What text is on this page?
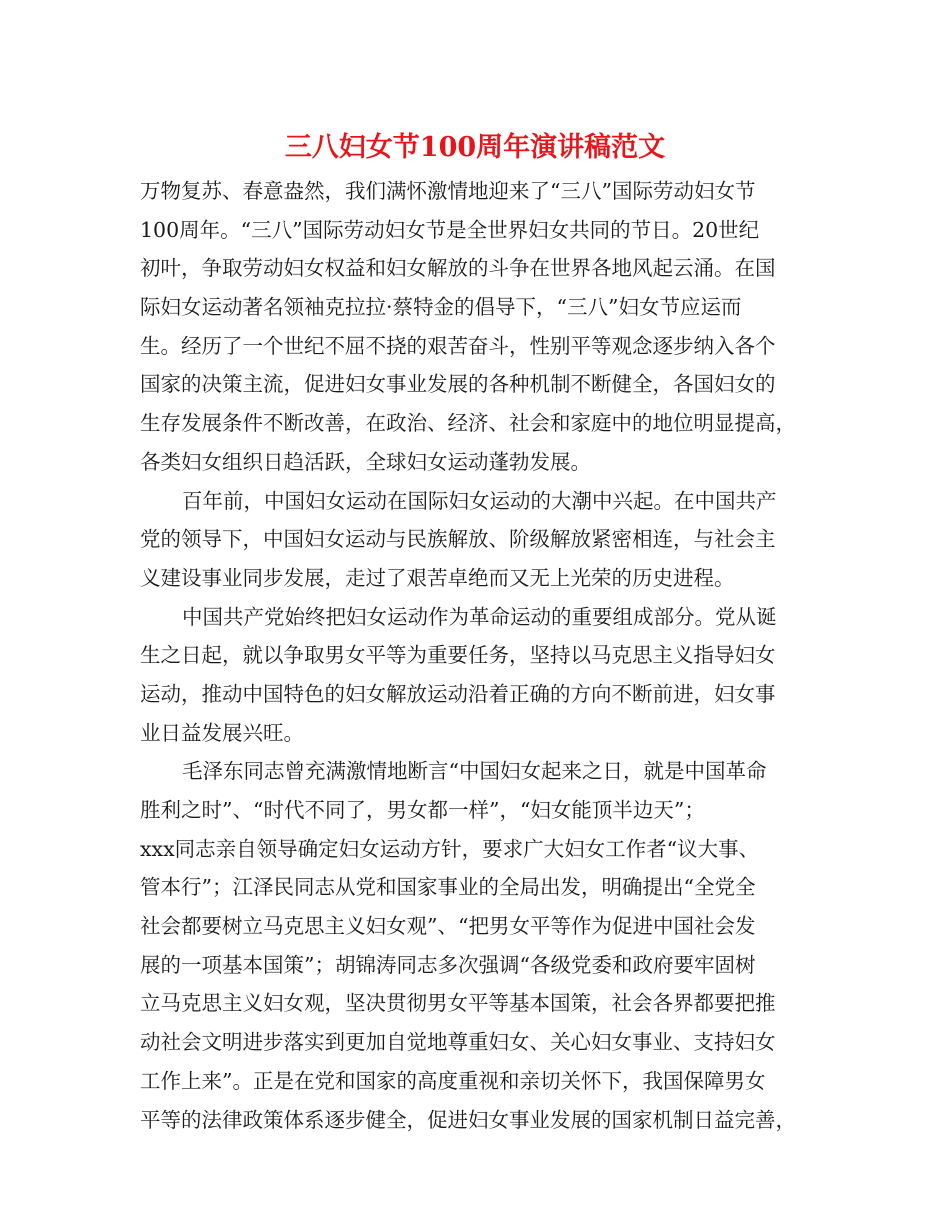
三八妇女节100周年演讲稿范文
万物复苏、春意盎然，我们满怀激情地迎来了“三八”国际劳动妇女节
100周年。“三八”国际劳动妇女节是全世界妇女共同的节日。20世纪
初叶，争取劳动妇女权益和妇女解放的斗争在世界各地风起云涌。在国
际妇女运动著名领袖克拉拉·蔡特金的倡导下，“三八”妇女节应运而
生。经历了一个世纪不屈不挠的艰苦奋斗，性别平等观念逐步纳入各个
国家的决策主流，促进妇女事业发展的各种机制不断健全，各国妇女的
生存发展条件不断改善，在政治、经济、社会和家庭中的地位明显提高，
各类妇女组织日趋活跃，全球妇女运动蓬勃发展。
百年前，中国妇女运动在国际妇女运动的大潮中兴起。在中国共产
党的领导下，中国妇女运动与民族解放、阶级解放紧密相连，与社会主
义建设事业同步发展，走过了艰苦卓绝而又无上光荣的历史进程。
中国共产党始终把妇女运动作为革命运动的重要组成部分。党从诞
生之日起，就以争取男女平等为重要任务，坚持以马克思主义指导妇女
运动，推动中国特色的妇女解放运动沿着正确的方向不断前进，妇女事
业日益发展兴旺。
毛泽东同志曾充满激情地断言“中国妇女起来之日，就是中国革命
胜利之时”、“时代不同了，男女都一样”，“妇女能顶半边天”；
xxx同志亲自领导确定妇女运动方针，要求广大妇女工作者“议大事、
管本行”；江泽民同志从党和国家事业的全局出发，明确提出“全党全
社会都要树立马克思主义妇女观”、“把男女平等作为促进中国社会发
展的一项基本国策”；胡锦涛同志多次强调“各级党委和政府要牢固树
立马克思主义妇女观，坚决贯彻男女平等基本国策，社会各界都要把推
动社会文明进步落实到更加自觉地尊重妇女、关心妇女事业、支持妇女
工作上来”。正是在党和国家的高度重视和亲切关怀下，我国保障男女
平等的法律政策体系逐步健全，促进妇女事业发展的国家机制日益完善，
